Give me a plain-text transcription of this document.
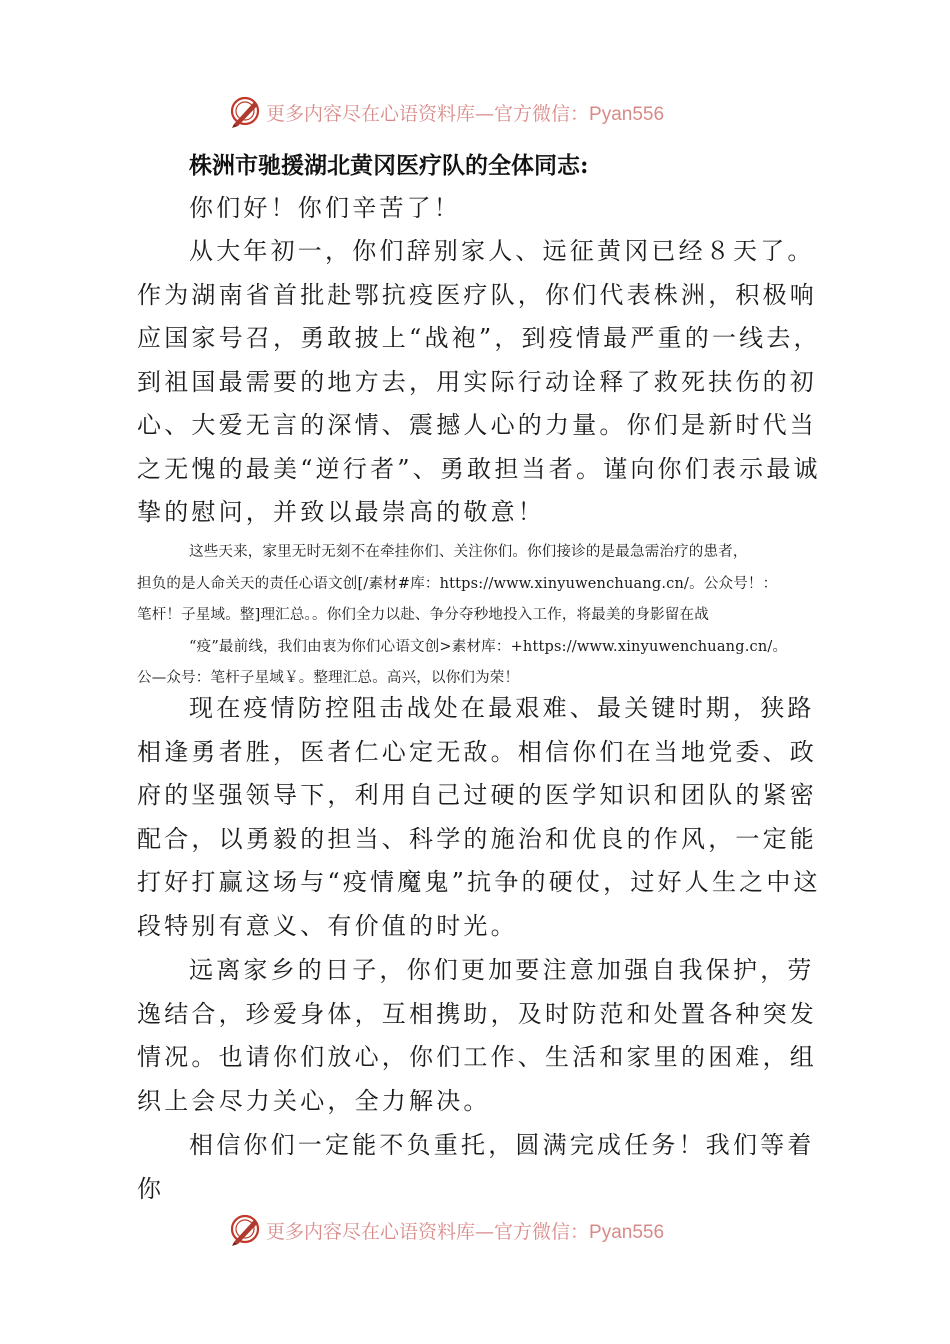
更多内容尽在心语资料库—官方微信：Pyan556
株洲市驰援湖北黄冈医疗队的全体同志:

你们好！你们辛苦了！

从大年初一，你们辞别家人、远征黄冈已经８天了。作为湖南省首批赴鄂抗疫医疗队，你们代表株洲，积极响应国家号召，勇敢披上“战袍”，到疫情最严重的一线去，到祖国最需要的地方去，用实际行动诠释了救死扶伤的初心、大爱无言的深情、震撼人心的力量。你们是新时代当之无愧的最美“逆行者”、勇敢担当者。谨向你们表示最诚挚的慰问，并致以最崇高的敬意！

这些天来，家里无时无刻不在牵挂你们、关注你们。你们接诊的是最急需治疗的患者，
担负的是人命关天的责任心语文创[/素材#库：https://www.xinyuwenchuang.cn/。公众号！：
笔杆！子星域。整]理汇总。。你们全力以赴、争分夺秒地投入工作，将最美的身影留在战
“疫”最前线，我们由衷为你们心语文创>素材库：+https://www.xinyuwenchuang.cn/。
公—众号：笔杆子星域￥。整理汇总。高兴，以你们为荣！

现在疫情防控阻击战处在最艰难、最关键时期，狭路相逢勇者胜，医者仁心定无敌。相信你们在当地党委、政府的坚强领导下，利用自己过硬的医学知识和团队的紧密配合，以勇毅的担当、科学的施治和优良的作风，一定能打好打赢这场与“疫情魔鬼”抗争的硬仗，过好人生之中这段特别有意义、有价值的时光。

远离家乡的日子，你们更加要注意加强自我保护，劳逸结合，珍爱身体，互相携助，及时防范和处置各种突发情况。也请你们放心，你们工作、生活和家里的困难，组织上会尽力关心，全力解决。

相信你们一定能不负重托，圆满完成任务！我们等着你

更多内容尽在心语资料库—官方微信：Pyan556
